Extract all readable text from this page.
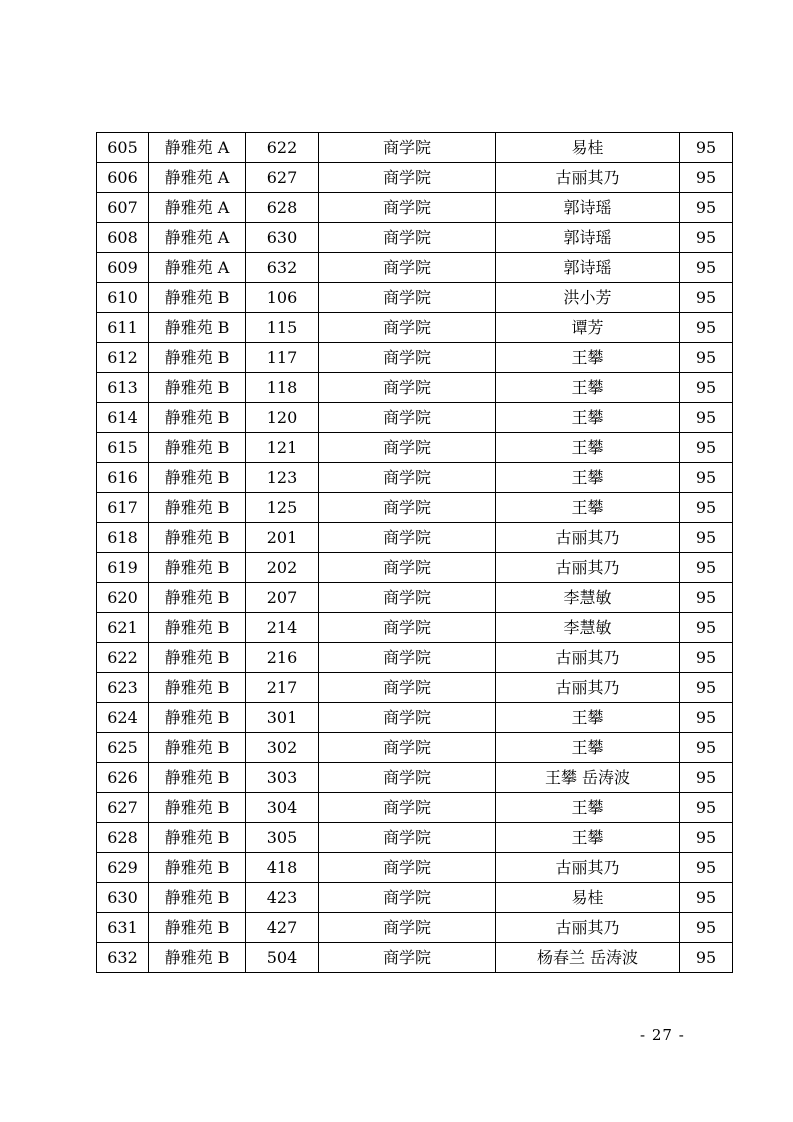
605	静雅苑 A	622	商学院	易桂	95
606	静雅苑 A	627	商学院	古丽其乃	95
607	静雅苑 A	628	商学院	郭诗瑶	95
608	静雅苑 A	630	商学院	郭诗瑶	95
609	静雅苑 A	632	商学院	郭诗瑶	95
610	静雅苑 B	106	商学院	洪小芳	95
611	静雅苑 B	115	商学院	谭芳	95
612	静雅苑 B	117	商学院	王攀	95
613	静雅苑 B	118	商学院	王攀	95
614	静雅苑 B	120	商学院	王攀	95
615	静雅苑 B	121	商学院	王攀	95
616	静雅苑 B	123	商学院	王攀	95
617	静雅苑 B	125	商学院	王攀	95
618	静雅苑 B	201	商学院	古丽其乃	95
619	静雅苑 B	202	商学院	古丽其乃	95
620	静雅苑 B	207	商学院	李慧敏	95
621	静雅苑 B	214	商学院	李慧敏	95
622	静雅苑 B	216	商学院	古丽其乃	95
623	静雅苑 B	217	商学院	古丽其乃	95
624	静雅苑 B	301	商学院	王攀	95
625	静雅苑 B	302	商学院	王攀	95
626	静雅苑 B	303	商学院	王攀 岳涛波	95
627	静雅苑 B	304	商学院	王攀	95
628	静雅苑 B	305	商学院	王攀	95
629	静雅苑 B	418	商学院	古丽其乃	95
630	静雅苑 B	423	商学院	易桂	95
631	静雅苑 B	427	商学院	古丽其乃	95
632	静雅苑 B	504	商学院	杨春兰 岳涛波	95
- 27 -
